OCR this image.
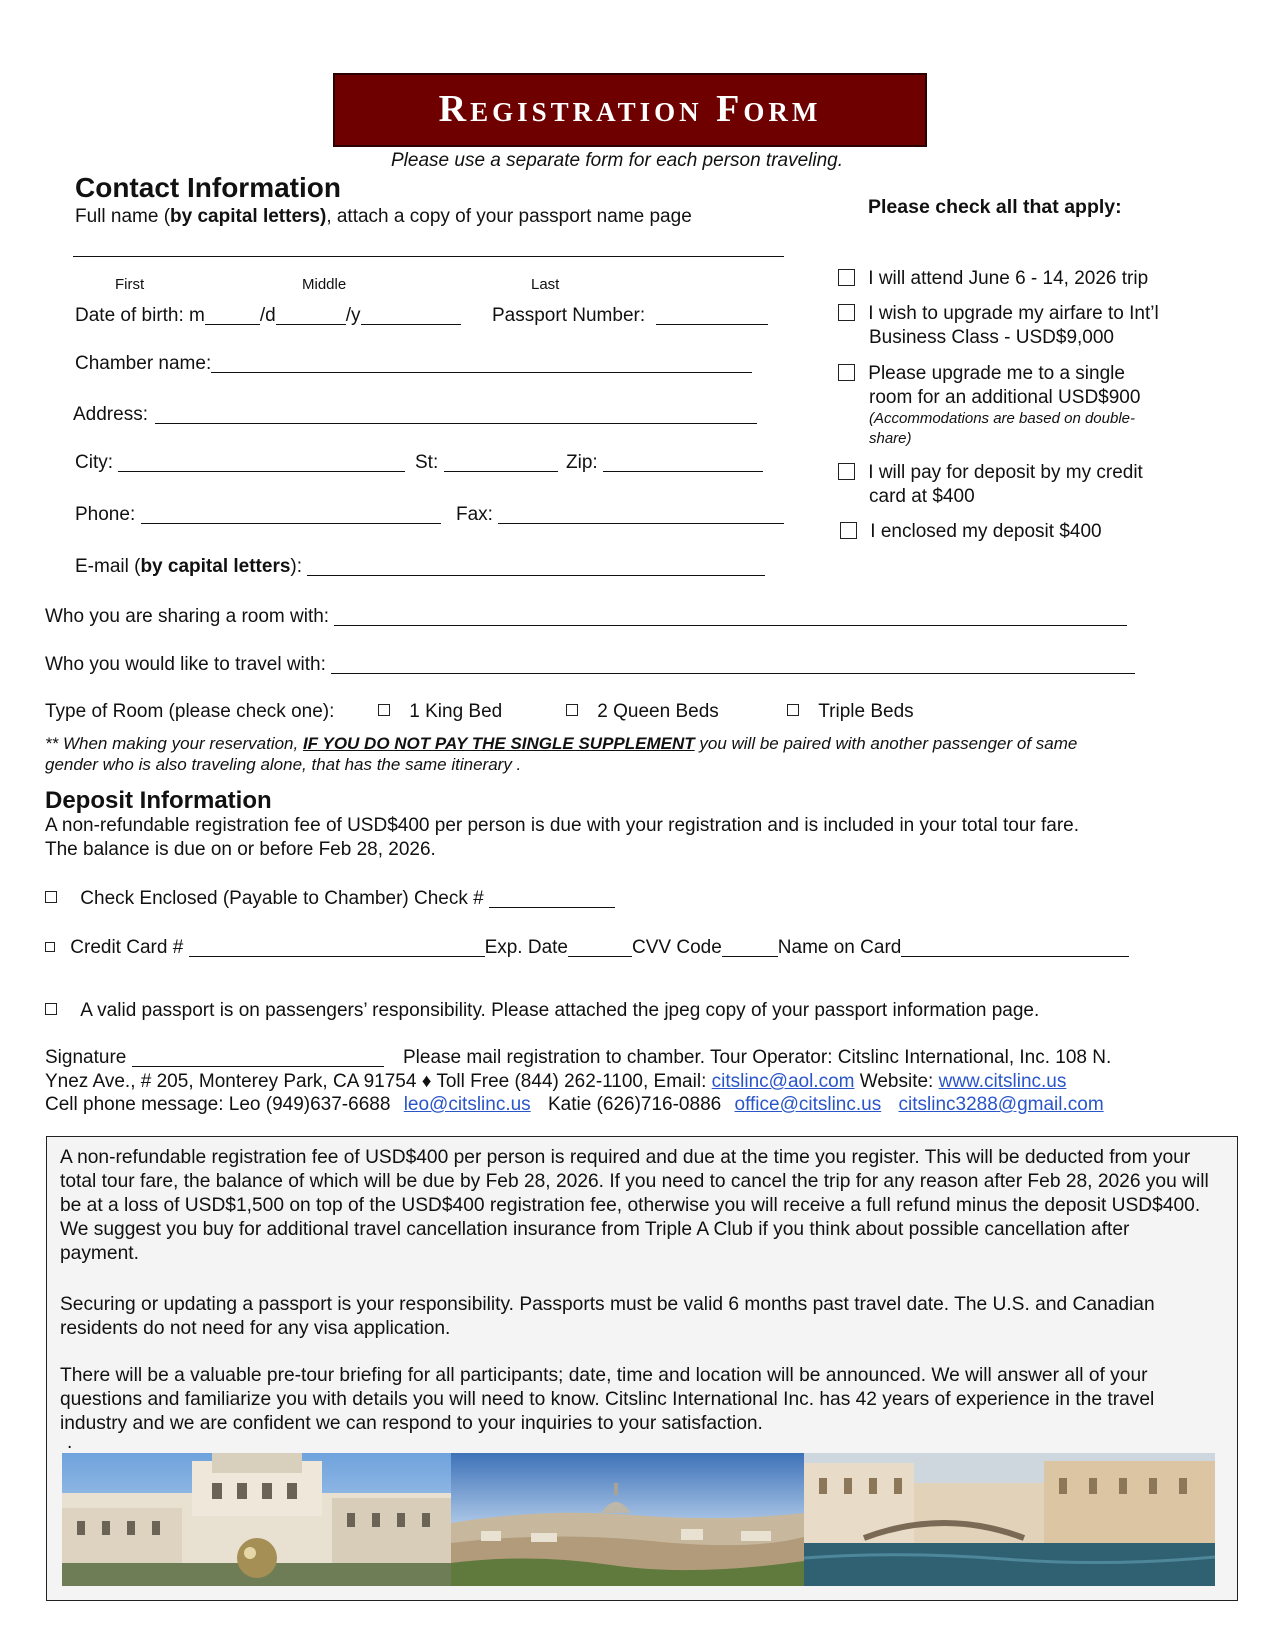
Registration Form
Please use a separate form for each person traveling.
Contact Information
Full name (by capital letters), attach a copy of your passport name page
First	Middle	Last
Date of birth: m	/d	/y	Passport Number:
Chamber name:
Address:
City:	St:	Zip:
Phone:	Fax:
E-mail (by capital letters):
Please check all that apply:
I will attend June 6 - 14, 2026 trip
I wish to upgrade my airfare to Int’l
Business Class - USD$9,000
Please upgrade me to a single
room for an additional USD$900
(Accommodations are based on double-
share)
I will pay for deposit by my credit
card at $400
I enclosed my deposit $400
Who you are sharing a room with:
Who you would like to travel with:
Type of Room (please check one):	1 King Bed	2 Queen Beds	Triple Beds
** When making your reservation, IF YOU DO NOT PAY THE SINGLE SUPPLEMENT you will be paired with another passenger of same
gender who is also traveling alone, that has the same itinerary .
Deposit Information
A non-refundable registration fee of USD$400 per person is due with your registration and is included in your total tour fare.
The balance is due on or before Feb 28, 2026.
Check Enclosed (Payable to Chamber) Check #
Credit Card #	Exp. Date	CVV Code	Name on Card
A valid passport is on passengers’ responsibility. Please attached the jpeg copy of your passport information page.
Signature	Please mail registration to chamber. Tour Operator: Citslinc International, Inc. 108 N.
Ynez Ave., # 205, Monterey Park, CA 91754 ♦ Toll Free (844) 262-1100, Email: citslinc@aol.com Website: www.citslinc.us
Cell phone message: Leo (949)637-6688 leo@citslinc.us Katie (626)716-0886 office@citslinc.us citslinc3288@gmail.com
A non-refundable registration fee of USD$400 per person is required and due at the time you register. This will be deducted from your total tour fare, the balance of which will be due by Feb 28, 2026. If you need to cancel the trip for any reason after Feb 28, 2026 you will be at a loss of USD$1,500 on top of the USD$400 registration fee, otherwise you will receive a full refund minus the deposit USD$400. We suggest you buy for additional travel cancellation insurance from Triple A Club if you think about possible cancellation after payment.
Securing or updating a passport is your responsibility. Passports must be valid 6 months past travel date. The U.S. and Canadian residents do not need for any visa application.
There will be a valuable pre-tour briefing for all participants; date, time and location will be announced. We will answer all of your questions and familiarize you with details you will need to know. Citslinc International Inc. has 42 years of experience in the travel industry and we are confident we can respond to your inquiries to your satisfaction.
.
